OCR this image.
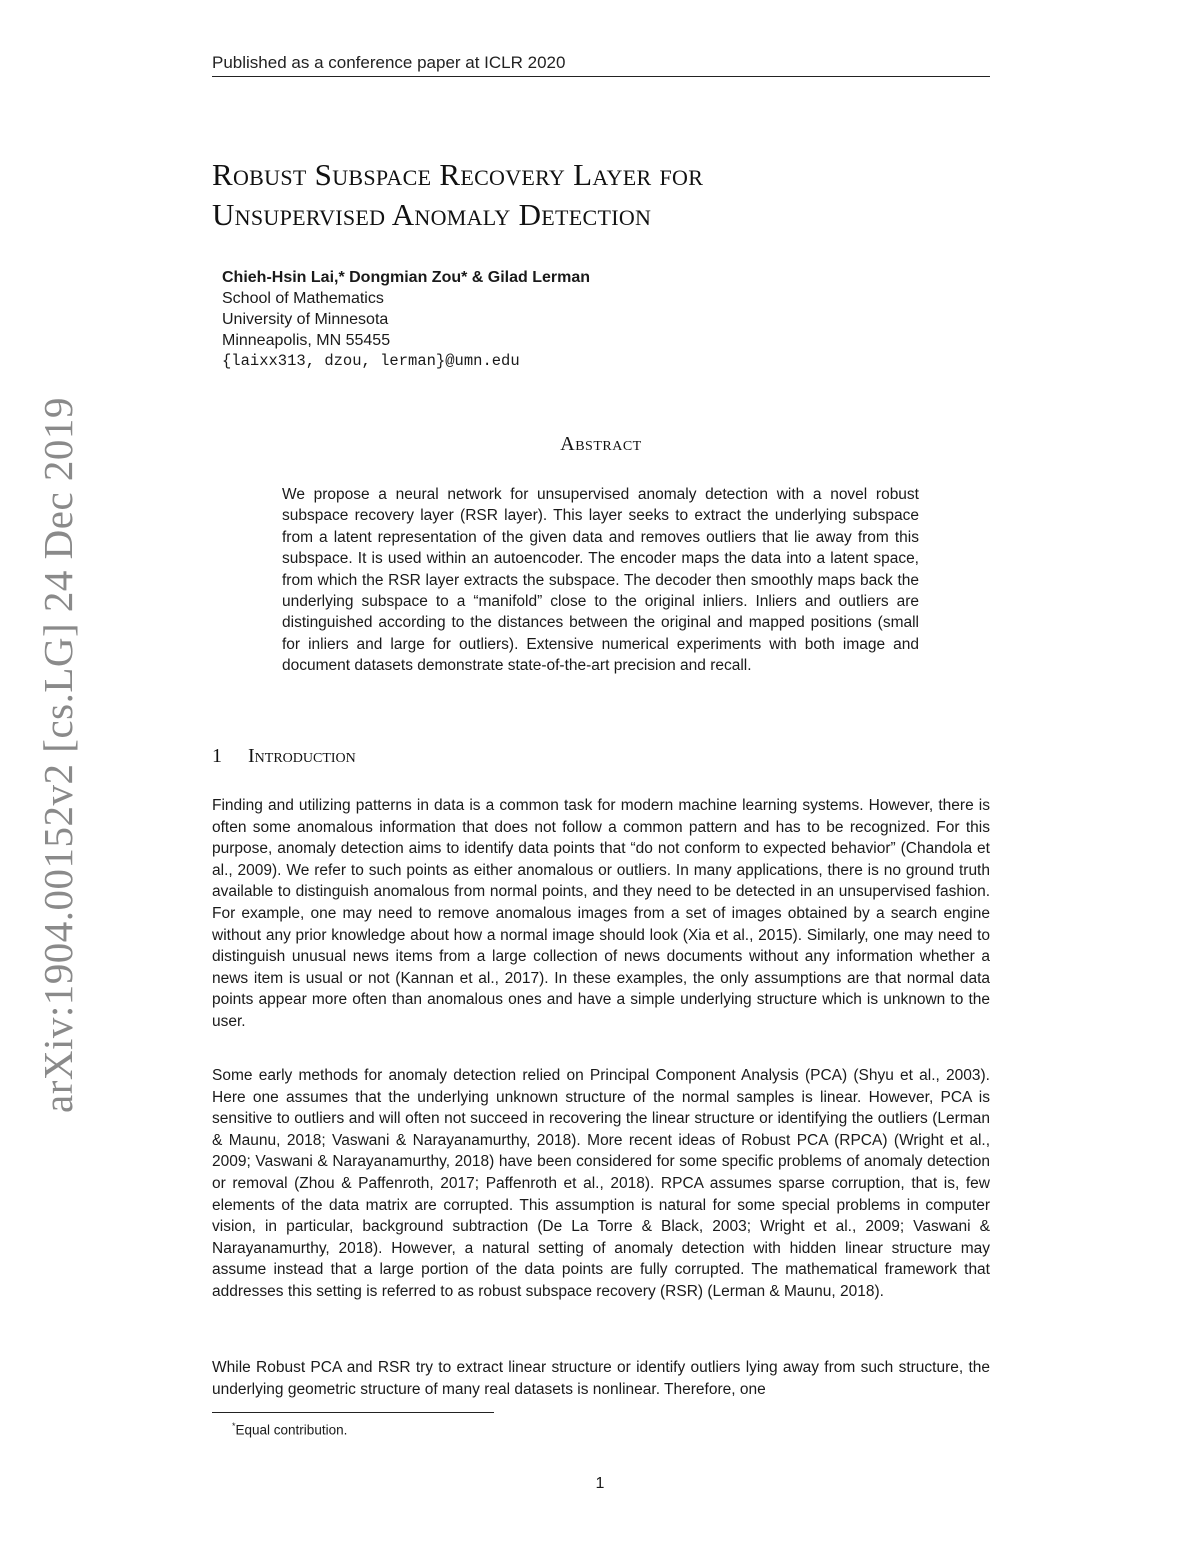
Published as a conference paper at ICLR 2020
arXiv:1904.00152v2 [cs.LG] 24 Dec 2019
Robust Subspace Recovery Layer for
Unsupervised Anomaly Detection
Chieh-Hsin Lai,* Dongmian Zou* & Gilad Lerman
School of Mathematics
University of Minnesota
Minneapolis, MN 55455
{laixx313, dzou, lerman}@umn.edu
Abstract

We propose a neural network for unsupervised anomaly detection with a novel robust subspace recovery layer (RSR layer). This layer seeks to extract the underlying subspace from a latent representation of the given data and removes outliers that lie away from this subspace. It is used within an autoencoder. The encoder maps the data into a latent space, from which the RSR layer extracts the subspace. The decoder then smoothly maps back the underlying subspace to a “manifold” close to the original inliers. Inliers and outliers are distinguished according to the distances between the original and mapped positions (small for inliers and large for outliers). Extensive numerical experiments with both image and document datasets demonstrate state-of-the-art precision and recall.

1 Introduction

Finding and utilizing patterns in data is a common task for modern machine learning systems. However, there is often some anomalous information that does not follow a common pattern and has to be recognized. For this purpose, anomaly detection aims to identify data points that “do not conform to expected behavior” (Chandola et al., 2009). We refer to such points as either anomalous or outliers. In many applications, there is no ground truth available to distinguish anomalous from normal points, and they need to be detected in an unsupervised fashion. For example, one may need to remove anomalous images from a set of images obtained by a search engine without any prior knowledge about how a normal image should look (Xia et al., 2015). Similarly, one may need to distinguish unusual news items from a large collection of news documents without any information whether a news item is usual or not (Kannan et al., 2017). In these examples, the only assumptions are that normal data points appear more often than anomalous ones and have a simple underlying structure which is unknown to the user.

Some early methods for anomaly detection relied on Principal Component Analysis (PCA) (Shyu et al., 2003). Here one assumes that the underlying unknown structure of the normal samples is linear. However, PCA is sensitive to outliers and will often not succeed in recovering the linear structure or identifying the outliers (Lerman & Maunu, 2018; Vaswani & Narayanamurthy, 2018). More recent ideas of Robust PCA (RPCA) (Wright et al., 2009; Vaswani & Narayanamurthy, 2018) have been considered for some specific problems of anomaly detection or removal (Zhou & Paffenroth, 2017; Paffenroth et al., 2018). RPCA assumes sparse corruption, that is, few elements of the data matrix are corrupted. This assumption is natural for some special problems in computer vision, in particular, background subtraction (De La Torre & Black, 2003; Wright et al., 2009; Vaswani & Narayanamurthy, 2018). However, a natural setting of anomaly detection with hidden linear structure may assume instead that a large portion of the data points are fully corrupted. The mathematical framework that addresses this setting is referred to as robust subspace recovery (RSR) (Lerman & Maunu, 2018).

While Robust PCA and RSR try to extract linear structure or identify outliers lying away from such structure, the underlying geometric structure of many real datasets is nonlinear. Therefore, one

*Equal contribution.
1
